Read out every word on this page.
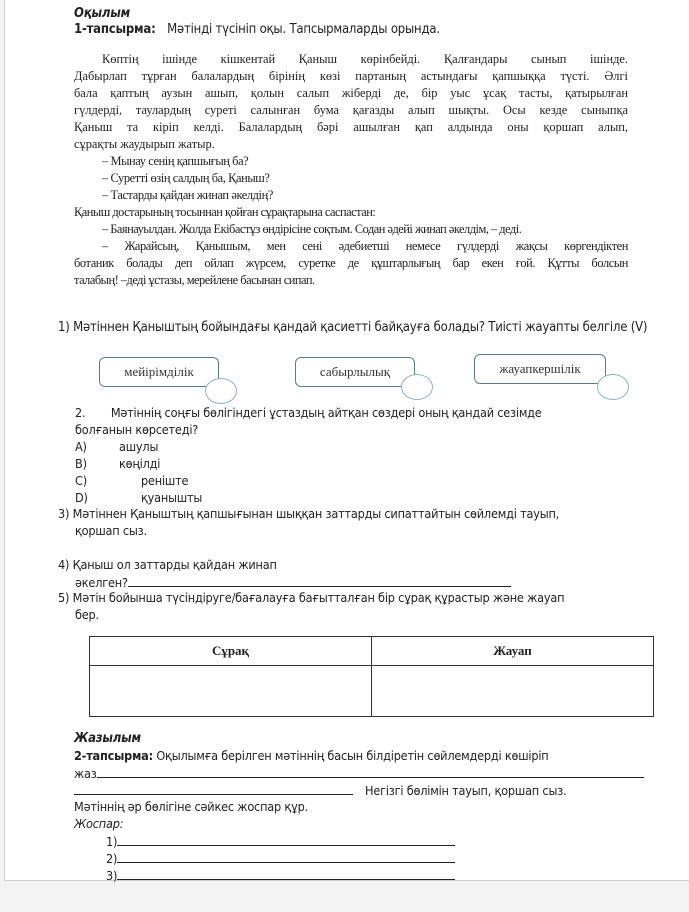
Оқылым
1-тапсырма: Мәтінді түсініп оқы. Тапсырмаларды орында.
Көптің ішінде кішкентай Қаныш көрінбейді. Қалғандары сынып ішінде.
Дабырлап тұрған балалардың бірінің көзі партаның астындағы қапшыққа түсті. Әлгі
бала қаптың аузын ашып, қолын салып жіберді де, бір уыс ұсақ тасты, қатырылған
гүлдерді, таулардың суреті салынған бума қағазды алып шықты. Осы кезде сыныпқа
Қаныш та кіріп келді. Балалардың бәрі ашылған қап алдында оны қоршап алып,
сұрақты жаудырып жатыр.
– Мынау сенің қапшығың ба?
– Суретті өзің салдың ба, Қаныш?
– Тастарды қайдан жинап әкелдің?
Қаныш достарының тосыннан қойған сұрақтарына саспастан:
– Баянауылдан. Жолда Екібастұз өндірісіне соқтым. Содан әдейі жинап әкелдім, – деді.
– Жарайсың, Қанышым, мен сені әдебиетші немесе гүлдерді жақсы көргендіктен
ботаник болады деп ойлап жүрсем, суретке де құштарлығың бар екен ғой. Құтты болсын
талабың! –деді ұстазы, мерейлене басынан сипап.
1) Мәтіннен Қаныштың бойындағы қандай қасиетті байқауға болады? Тиісті жауапты белгіле (V)
мейірімділік	сабырлылық	жауапкершілік
2. Мәтіннің соңғы бөлігіндегі ұстаздың айтқан сөздері оның қандай сезімде
болғанын көрсетеді?
A)	ашулы
B)	көңілді
C)	реніште
D)	қуанышты
3) Мәтіннен Қаныштың қапшығынан шыққан заттарды сипаттайтын сөйлемді тауып,
қоршап сыз.
4) Қаныш ол заттарды қайдан жинап
әкелген?
5) Мәтін бойынша түсіндіруге/бағалауға бағытталған бір сұрақ құрастыр және жауап
бер.
Сұрақ	Жауап

Жазылым
2-тапсырма: Оқылымға берілген мәтіннің басын білдіретін сөйлемдерді көшіріп
жаз
Негізгі бөлімін тауып, қоршап сыз.
Мәтіннің әр бөлігіне сәйкес жоспар құр.
Жоспар:
1)
2)
3)
